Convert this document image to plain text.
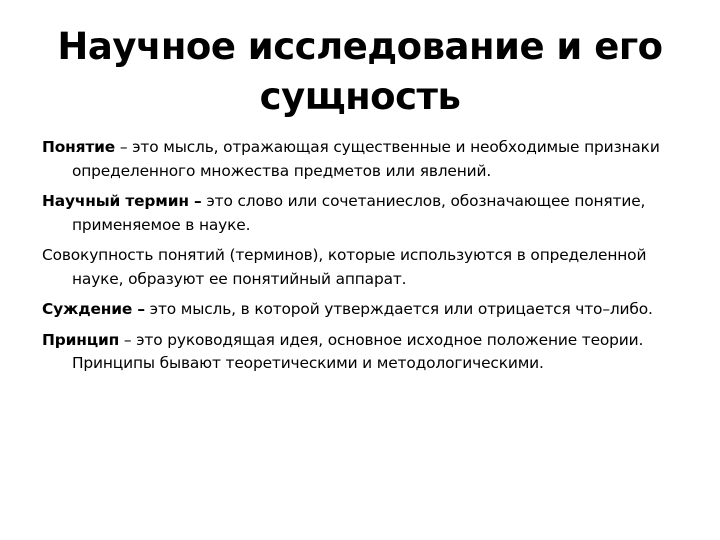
Научное исследование и его сущность

Понятие – это мысль, отражающая существенные и необходимые признаки определенного множества предметов или явлений.

Научный термин – это слово или сочетаниеслов, обозначающее понятие, применяемое в науке.

Совокупность понятий (терминов), которые используются в определенной науке, образуют ее понятийный аппарат.

Суждение – это мысль, в которой утверждается или отрицается что–либо.

Принцип – это руководящая идея, основное исходное положение теории. Принципы бывают теоретическими и методологическими.
